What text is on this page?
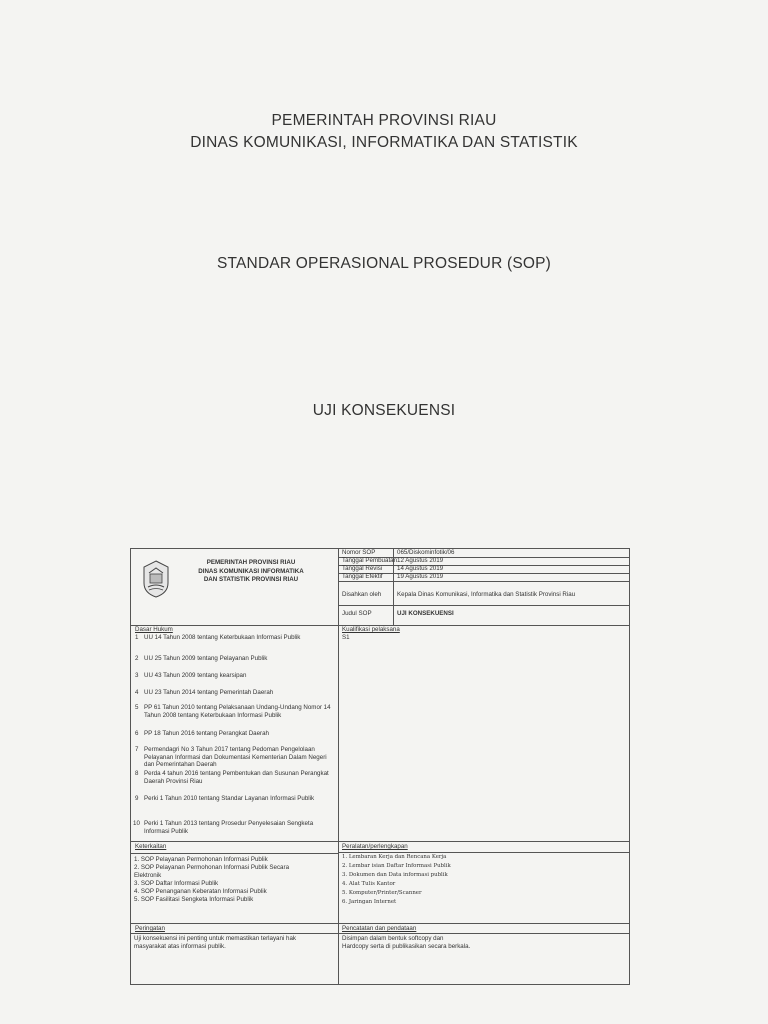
PEMERINTAH PROVINSI RIAU
DINAS KOMUNIKASI, INFORMATIKA DAN STATISTIK
STANDAR OPERASIONAL PROSEDUR (SOP)
UJI KONSEKUENSI
PEMERINTAH PROVINSI RIAU
DINAS KOMUNIKASI INFORMATIKA
DAN STATISTIK PROVINSI RIAU
Nomor SOP	065/Diskominfotik/06
Tanggal Pembuatan 12 Agustus 2019
Tanggal Revisi 14 Agustus 2019
Tanggal Efektif 19 Agustus 2019
Disahkan oleh	Kepala Dinas Komunikasi, Informatika dan Statistik Provinsi Riau
Judul SOP	UJI KONSEKUENSI
Dasar Hukum	Kualifikasi pelaksana
S1
1 UU 14 Tahun 2008 tentang Keterbukaan Informasi Publik
2 UU 25 Tahun 2009 tentang Pelayanan Publik
3 UU 43 Tahun 2009 tentang kearsipan
4 UU 23 Tahun 2014 tentang Pemerintah Daerah
5 PP 61 Tahun 2010 tentang Pelaksanaan Undang-Undang Nomor 14 Tahun 2008 tentang Keterbukaan Informasi Publik
6 PP 18 Tahun 2016 tentang Perangkat Daerah
7 Permendagri No 3 Tahun 2017 tentang Pedoman Pengelolaan Pelayanan Informasi dan Dokumentasi Kementerian Dalam Negeri dan Pemerintahan Daerah
8 Perda 4 tahun 2016 tentang Pembentukan dan Susunan Perangkat Daerah Provinsi Riau
9 Perki 1 Tahun 2010 tentang Standar Layanan Informasi Publik
10 Perki 1 Tahun 2013 tentang Prosedur Penyelesaian Sengketa Informasi Publik
Keterkaitan
1. SOP Pelayanan Permohonan Informasi Publik
2. SOP Pelayanan Permohonan Informasi Publik Secara
Elektronik
3. SOP Daftar Informasi Publik
4. SOP Penanganan Keberatan Informasi Publik
5. SOP Fasilitasi Sengketa Informasi Publik
Peralatan/perlengkapan
1. Lembaran Kerja dan Rencana Kerja
2. Lembar isian Daftar Informasi Publik
3. Dokumen dan Data informasi publik
4. Alat Tulis Kantor
5. Komputer/Printer/Scanner
6. Jaringan Internet
Peringatan
Uji konsekuensi ini penting untuk memastikan terlayani hak
masyarakat atas informasi publik.
Pencatatan dan pendataan
Disimpan dalam bentuk softcopy dan
Hardcopy serta di publikasikan secara berkala.
